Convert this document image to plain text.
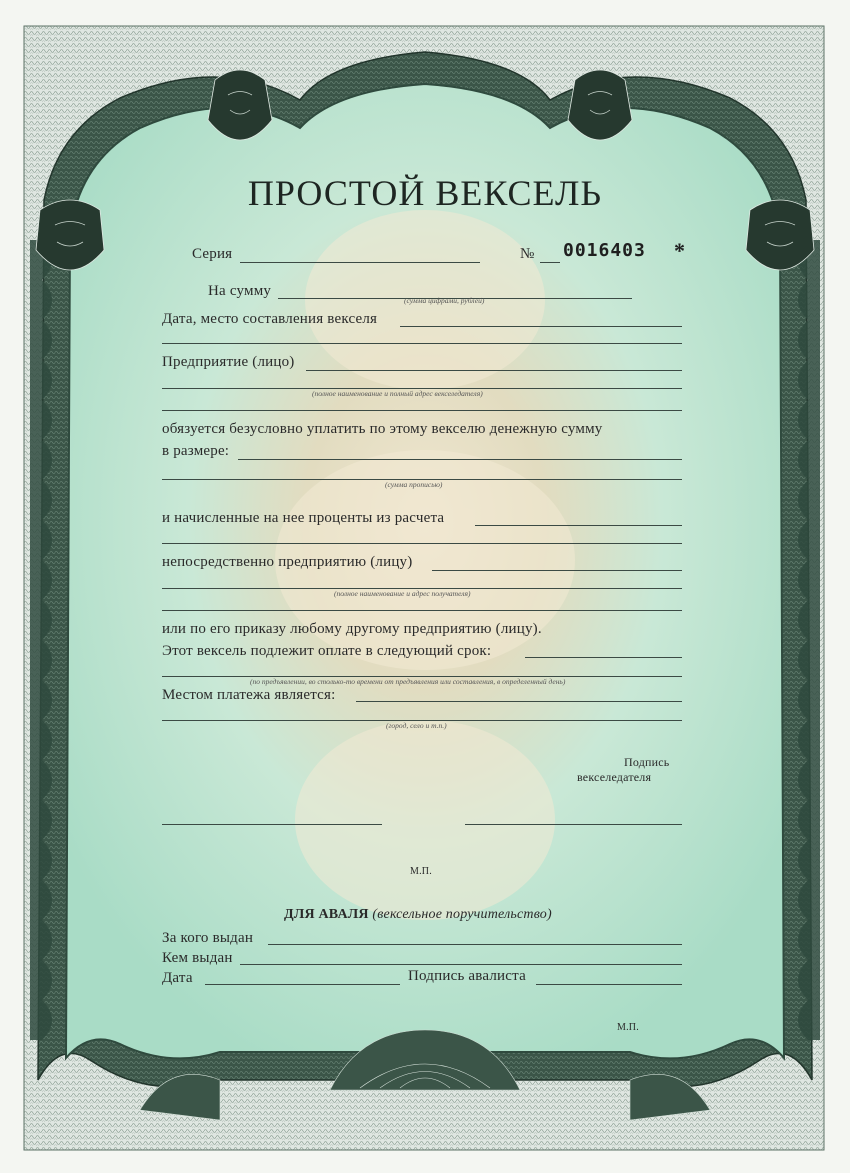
ПРОСТОЙ ВЕКСЕЛЬ
Серия	№ 0016403 *
На сумму
(сумма цифрами, рублей)
Дата, место составления векселя
Предприятие (лицо)
(полное наименование и полный адрес векселедателя)
обязуется безусловно уплатить по этому векселю денежную сумму
в размере:
(сумма прописью)
и начисленные на нее проценты из расчета
непосредственно предприятию (лицу)
(полное наименование и адрес получателя)
или по его приказу любому другому предприятию (лицу).
Этот вексель подлежит оплате в следующий срок:
(по предъявлении, во столько-то времени от предъявления или составления, в определенный день)
Местом платежа является:
(город, село и т.п.)
Подпись
векселедателя
М.П.
ДЛЯ АВАЛЯ (вексельное поручительство)
За кого выдан
Кем выдан
Дата	Подпись авалиста
М.П.
